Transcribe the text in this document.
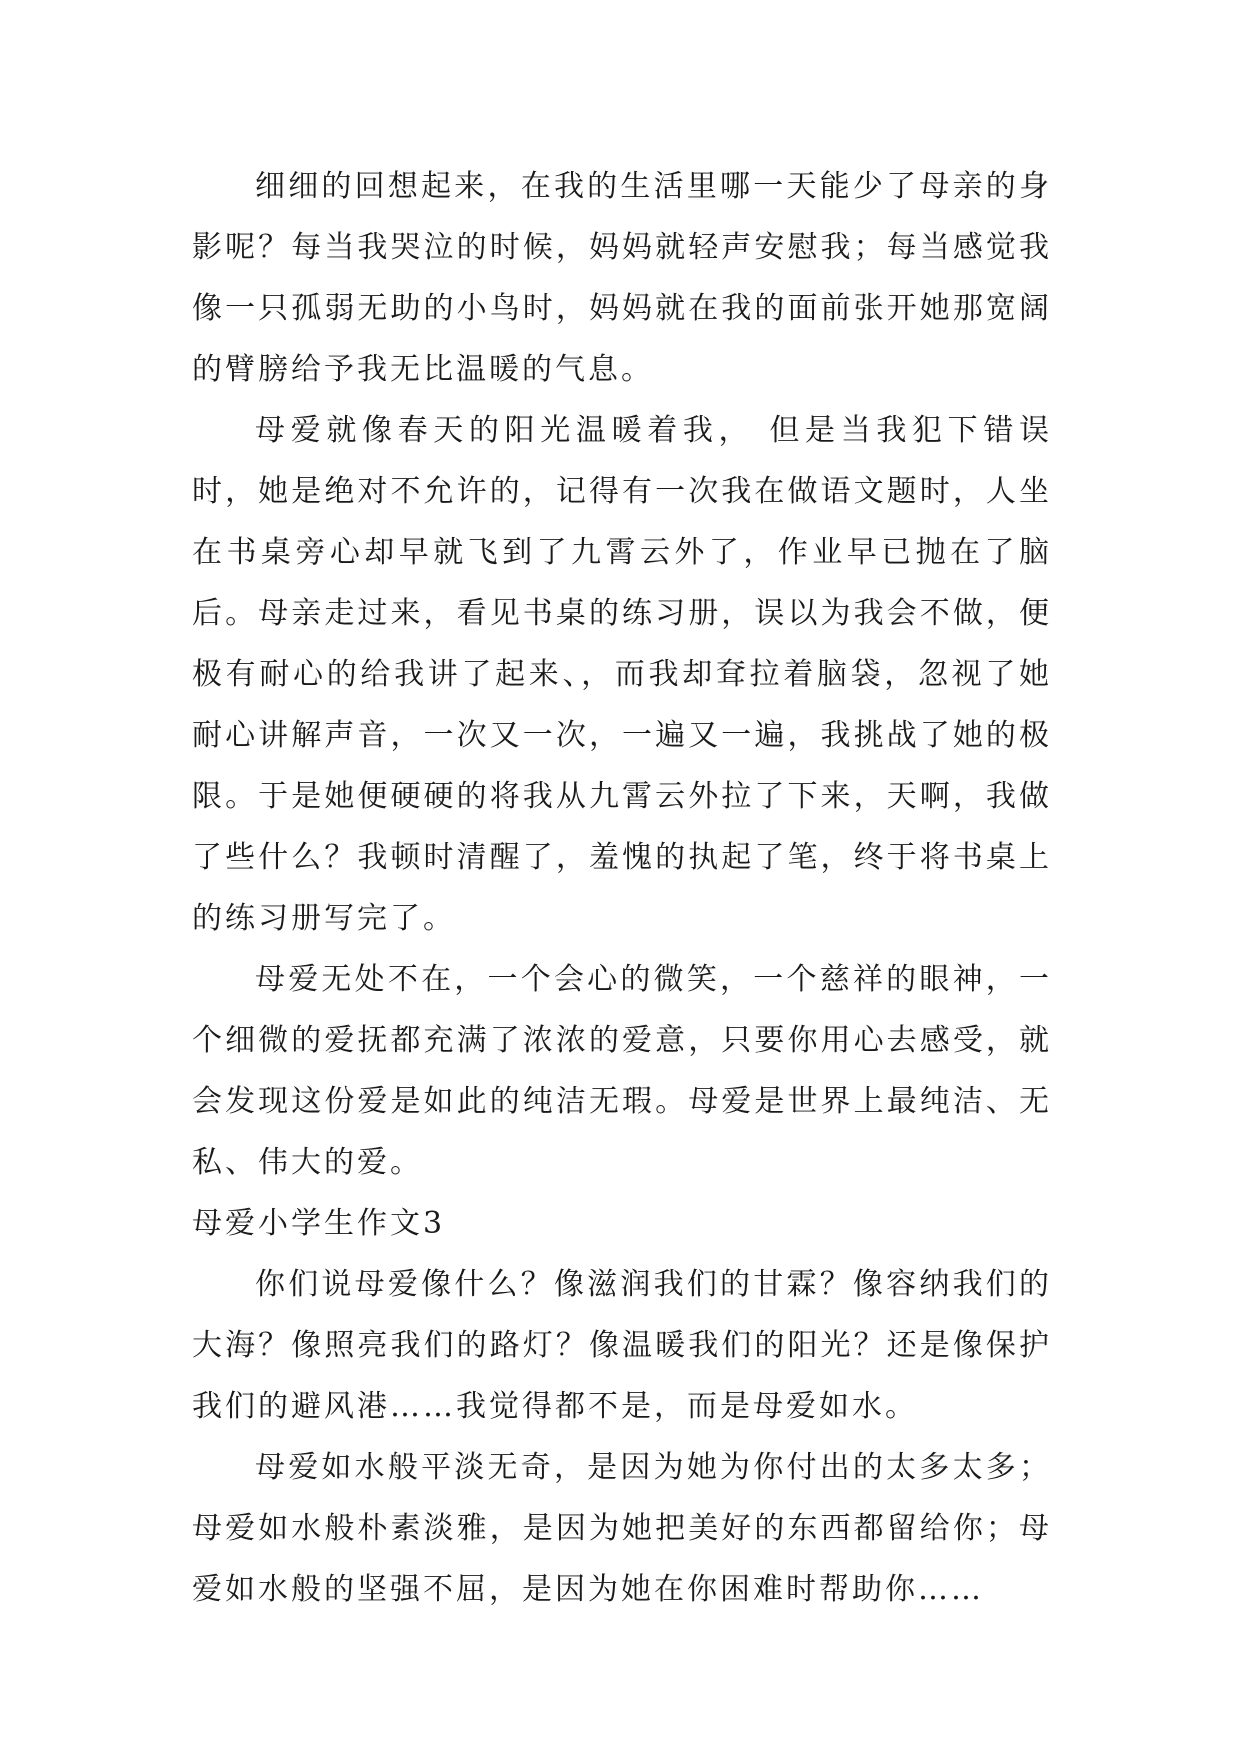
细细的回想起来，在我的生活里哪一天能少了母亲的身影呢？每当我哭泣的时候，妈妈就轻声安慰我；每当感觉我像一只孤弱无助的小鸟时，妈妈就在我的面前张开她那宽阔的臂膀给予我无比温暖的气息。

母爱就像春天的阳光温暖着我， 但是当我犯下错误时，她是绝对不允许的，记得有一次我在做语文题时，人坐在书桌旁心却早就飞到了九霄云外了，作业早已抛在了脑后。母亲走过来，看见书桌的练习册，误以为我会不做，便极有耐心的给我讲了起来、，而我却耷拉着脑袋，忽视了她耐心讲解声音，一次又一次，一遍又一遍，我挑战了她的极限。于是她便硬硬的将我从九霄云外拉了下来，天啊，我做了些什么？我顿时清醒了，羞愧的执起了笔，终于将书桌上的练习册写完了。

母爱无处不在，一个会心的微笑，一个慈祥的眼神，一个细微的爱抚都充满了浓浓的爱意，只要你用心去感受，就会发现这份爱是如此的纯洁无瑕。母爱是世界上最纯洁、无私、伟大的爱。

母爱小学生作文3

你们说母爱像什么？像滋润我们的甘霖？像容纳我们的大海？像照亮我们的路灯？像温暖我们的阳光？还是像保护我们的避风港……我觉得都不是，而是母爱如水。

母爱如水般平淡无奇，是因为她为你付出的太多太多；母爱如水般朴素淡雅，是因为她把美好的东西都留给你；母爱如水般的坚强不屈，是因为她在你困难时帮助你……
